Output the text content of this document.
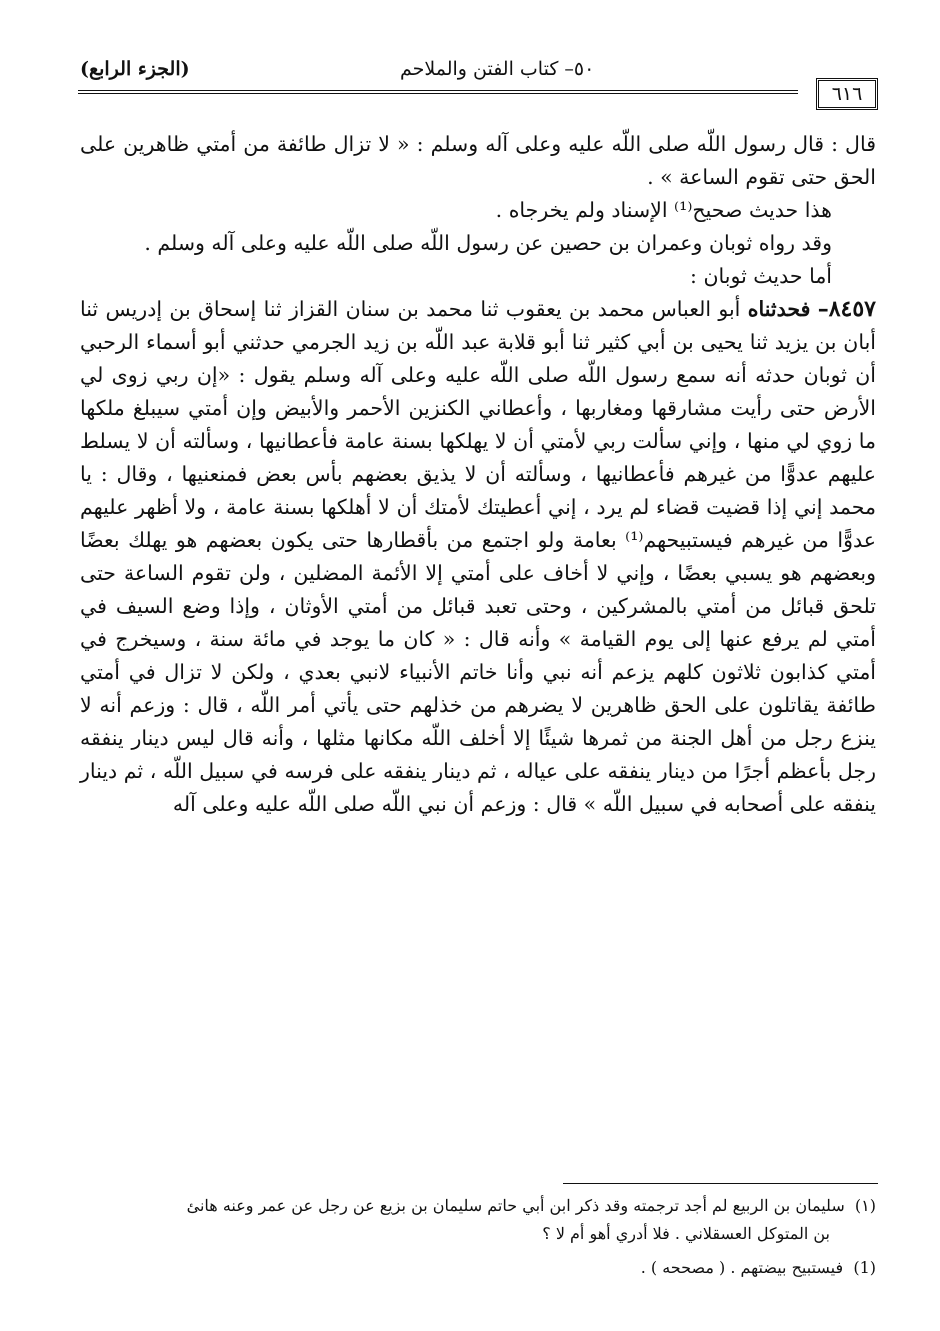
(الجزء الرابع)	٥٠– كتاب الفتن والملاحم
٦١٦

قال : قال رسول اللّه صلى اللّه عليه وعلى آله وسلم : « لا تزال طائفة من أمتي ظاهرين على الحق حتى تقوم الساعة » .

هذا حديث صحيح⁽¹⁾ الإسناد ولم يخرجاه .

وقد رواه ثوبان وعمران بن حصين عن رسول اللّه صلى اللّه عليه وعلى آله وسلم .

أما حديث ثوبان :

٨٤٥٧– فحدثناه أبو العباس محمد بن يعقوب ثنا محمد بن سنان القزاز ثنا إسحاق بن إدريس ثنا أبان بن يزيد ثنا يحيى بن أبي كثير ثنا أبو قلابة عبد اللّه بن زيد الجرمي حدثني أبو أسماء الرحبي أن ثوبان حدثه أنه سمع رسول اللّه صلى اللّه عليه وعلى آله وسلم يقول : «إن ربي زوى لي الأرض حتى رأيت مشارقها ومغاربها ، وأعطاني الكنزين الأحمر والأبيض وإن أمتي سيبلغ ملكها ما زوي لي منها ، وإني سألت ربي لأمتي أن لا يهلكها بسنة عامة فأعطانيها ، وسألته أن لا يسلط عليهم عدوًّا من غيرهم فأعطانيها ، وسألته أن لا يذيق بعضهم بأس بعض فمنعنيها ، وقال : يا محمد إني إذا قضيت قضاء لم يرد ، إني أعطيتك لأمتك أن لا أهلكها بسنة عامة ، ولا أظهر عليهم عدوًّا من غيرهم فيستبيحهم⁽¹⁾ بعامة ولو اجتمع من بأقطارها حتى يكون بعضهم هو يهلك بعضًا وبعضهم هو يسبي بعضًا ، وإني لا أخاف على أمتي إلا الأئمة المضلين ، ولن تقوم الساعة حتى تلحق قبائل من أمتي بالمشركين ، وحتى تعبد قبائل من أمتي الأوثان ، وإذا وضع السيف في أمتي لم يرفع عنها إلى يوم القيامة » وأنه قال : « كان ما يوجد في مائة سنة ، وسيخرج في أمتي كذابون ثلاثون كلهم يزعم أنه نبي وأنا خاتم الأنبياء لانبي بعدي ، ولكن لا تزال في أمتي طائفة يقاتلون على الحق ظاهرين لا يضرهم من خذلهم حتى يأتي أمر اللّه ، قال : وزعم أنه لا ينزع رجل من أهل الجنة من ثمرها شيئًا إلا أخلف اللّه مكانها مثلها ، وأنه قال ليس دينار ينفقه رجل بأعظم أجرًا من دينار ينفقه على عياله ، ثم دينار ينفقه على فرسه في سبيل اللّه ، ثم دينار ينفقه على أصحابه في سبيل اللّه » قال : وزعم أن نبي اللّه صلى اللّه عليه وعلى آله

(١)  سليمان بن الربيع لم أجد ترجمته وقد ذكر ابن أبي حاتم سليمان بن بزيع عن رجل عن عمر وعنه هانئ

بن المتوكل العسقلاني . فلا أدري أهو أم لا ؟

(1)  فيستبيح بيضتهم . ( مصححه ) .
